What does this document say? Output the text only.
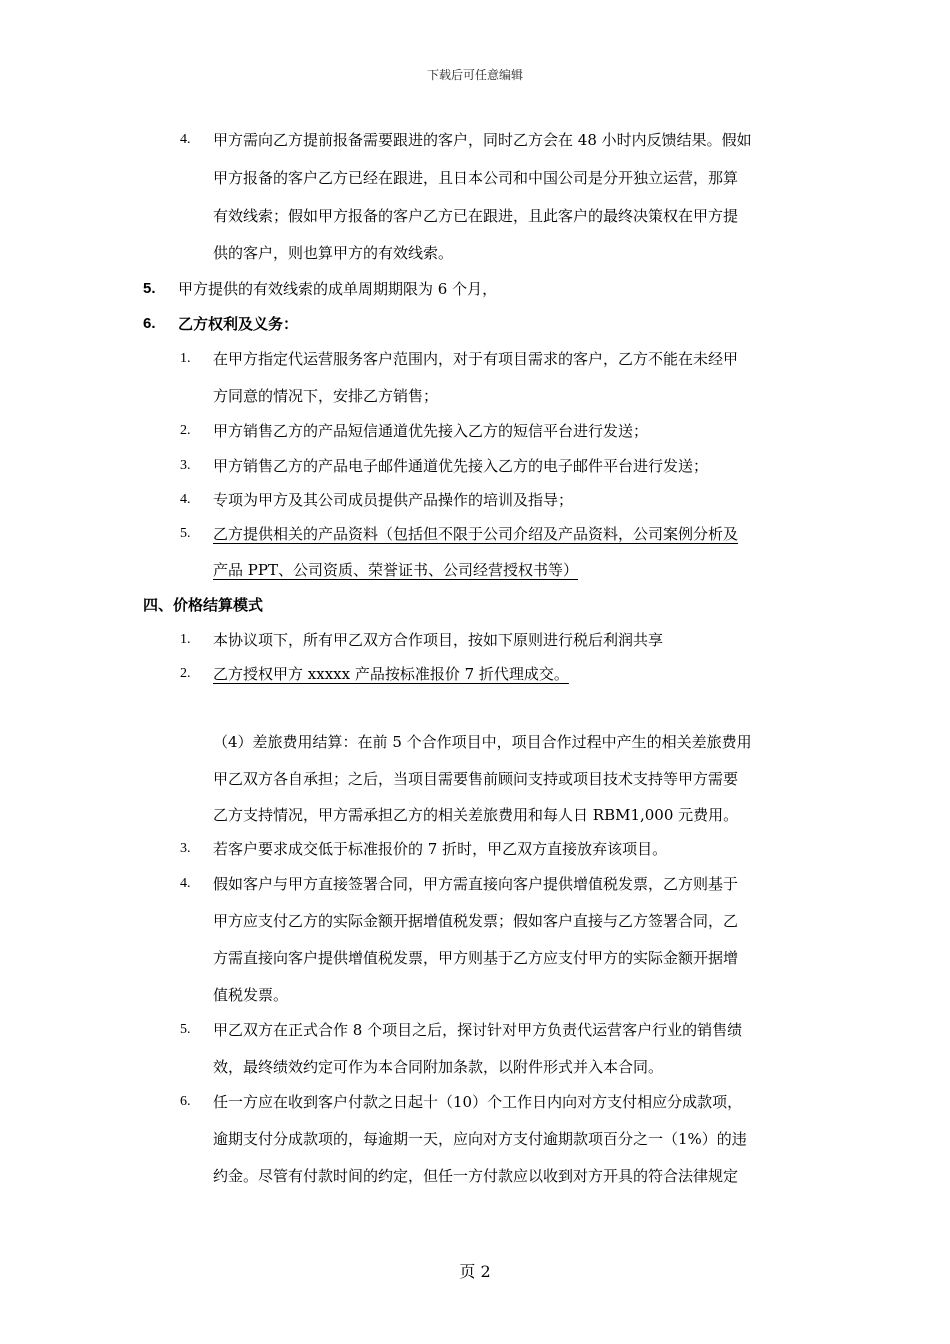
下载后可任意编辑
4. 甲方需向乙方提前报备需要跟进的客户，同时乙方会在 48 小时内反馈结果。假如
甲方报备的客户乙方已经在跟进，且日本公司和中国公司是分开独立运营，那算
有效线索；假如甲方报备的客户乙方已在跟进，且此客户的最终决策权在甲方提
供的客户，则也算甲方的有效线索。
5. 甲方提供的有效线索的成单周期期限为 6 个月，
6. 乙方权利及义务：
1. 在甲方指定代运营服务客户范围内，对于有项目需求的客户，乙方不能在未经甲
方同意的情况下，安排乙方销售；
2. 甲方销售乙方的产品短信通道优先接入乙方的短信平台进行发送；
3. 甲方销售乙方的产品电子邮件通道优先接入乙方的电子邮件平台进行发送；
4. 专项为甲方及其公司成员提供产品操作的培训及指导；
5. 乙方提供相关的产品资料（包括但不限于公司介绍及产品资料，公司案例分析及
产品 PPT、公司资质、荣誉证书、公司经营授权书等）
四、价格结算模式
1. 本协议项下，所有甲乙双方合作项目，按如下原则进行税后利润共享
2. 乙方授权甲方 xxxxx 产品按标准报价 7 折代理成交。
（4）差旅费用结算：在前 5 个合作项目中，项目合作过程中产生的相关差旅费用
甲乙双方各自承担；之后，当项目需要售前顾问支持或项目技术支持等甲方需要
乙方支持情况，甲方需承担乙方的相关差旅费用和每人日 RBM1,000 元费用。
3. 若客户要求成交低于标准报价的 7 折时，甲乙双方直接放弃该项目。
4. 假如客户与甲方直接签署合同，甲方需直接向客户提供增值税发票，乙方则基于
甲方应支付乙方的实际金额开据增值税发票；假如客户直接与乙方签署合同，乙
方需直接向客户提供增值税发票，甲方则基于乙方应支付甲方的实际金额开据增
值税发票。
5. 甲乙双方在正式合作 8 个项目之后，探讨针对甲方负责代运营客户行业的销售绩
效，最终绩效约定可作为本合同附加条款，以附件形式并入本合同。
6. 任一方应在收到客户付款之日起十（10）个工作日内向对方支付相应分成款项，
逾期支付分成款项的，每逾期一天，应向对方支付逾期款项百分之一（1%）的违
约金。尽管有付款时间的约定，但任一方付款应以收到对方开具的符合法律规定
页 2
